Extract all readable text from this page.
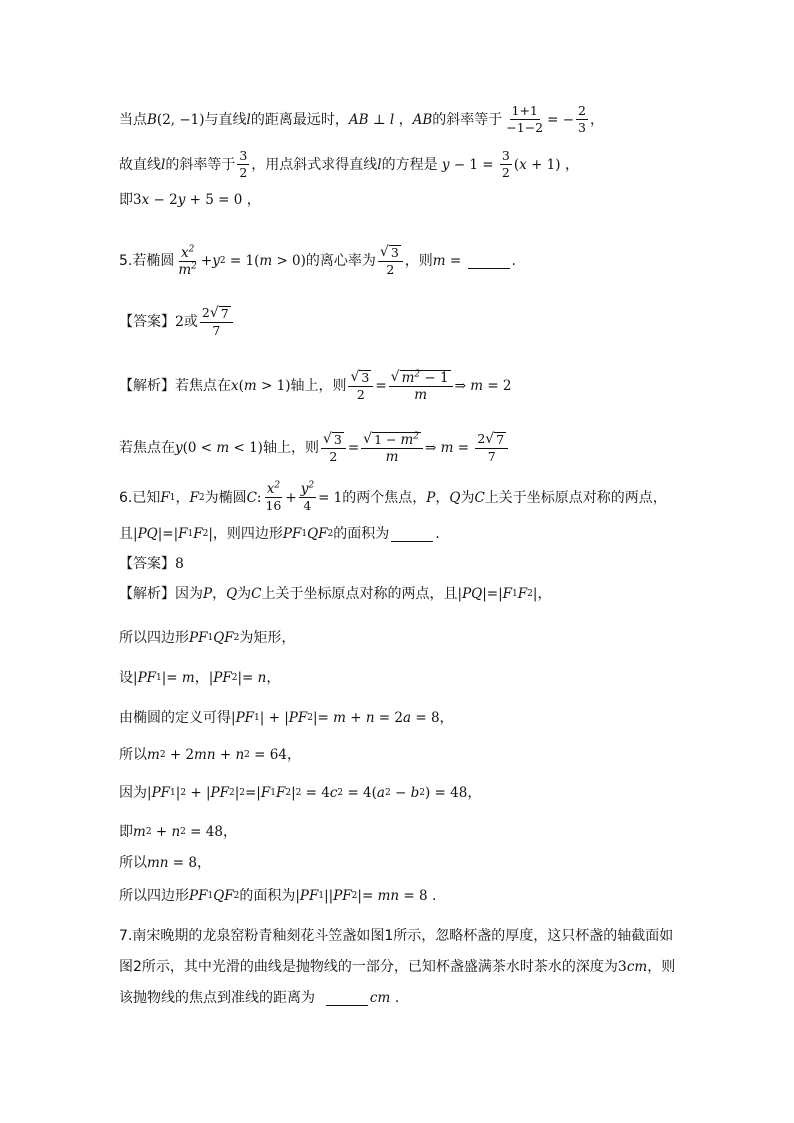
当点 B (2, −1) 与直线 l 的距离最远时， AB ⊥ l ， AB 的斜率等于 $\frac{1+1}{-1-2}$ = − $\frac{2}{3}$ ，
故直线 l 的斜率等于 $\frac{3}{2}$ ，用点斜式求得直线 l 的方程是 $y - 1 = \frac{3}{2}$ ( x + 1) ，
即 3 x − 2 y + 5 = 0 ，
5.若椭圆 $\frac{x^2}{m^2} + y$ 2 = 1( m > 0) 的离心率为 $\frac{√ 3}{2}$ ，则 m =	.
【答案】 2 或 $\frac{2 √ 7}{7}$
【解析】若焦点在 x ( m > 1) 轴上，则 $\frac{√ 3}{2} = \frac{√ m^2 - 1}{m}$ ⇒ m = 2
若焦点在 y (0 < m < 1) 轴上，则 $\frac{√ 3}{2} = \frac{√ 1 - m^2}{m}$ ⇒ $m = \frac{2 √ 7}{7}$
6.已知 F 1 ， F 2 为椭圆 C : $\frac{x^2}{16} + \frac{y^2}{4} = 1$ 的两个焦点， P ， Q 为 C 上关于坐标原点对称的两点，
且 | PQ |=| F 1 F 2 | ，则四边形 PF 1 QF 2 的面积为	.
【答案】 8
【解析】因为 P ， Q 为 C 上关于坐标原点对称的两点，且 | PQ |=| F 1 F 2 | ，
所以四边形 PF 1 QF 2 为矩形，
设 | PF 1 |= m ， | PF 2 |= n ，
由椭圆的定义可得 | PF 1 | + | PF 2 |= m + n = 2 a = 8 ，
所以 m 2 + 2 mn + n 2 = 64 ，
因为 | PF 1 | 2 + | PF 2 | 2 =| F 1 F 2 | 2 = 4 c 2 = 4( a 2 − b 2 ) = 48 ，
即 m 2 + n 2 = 48 ，
所以 mn = 8 ，
所以四边形 PF 1 QF 2 的面积为 | PF 1 || PF 2 |= mn = 8 .
7.南宋晚期的龙泉窑粉青釉刻花斗笠盏如图1所示，忽略杯盏的厚度，这只杯盏的轴截面如
图2所示，其中光滑的曲线是抛物线的一部分，已知杯盏盛满茶水时茶水的深度为 3 cm ，则
该抛物线的焦点到准线的距离为	cm .
